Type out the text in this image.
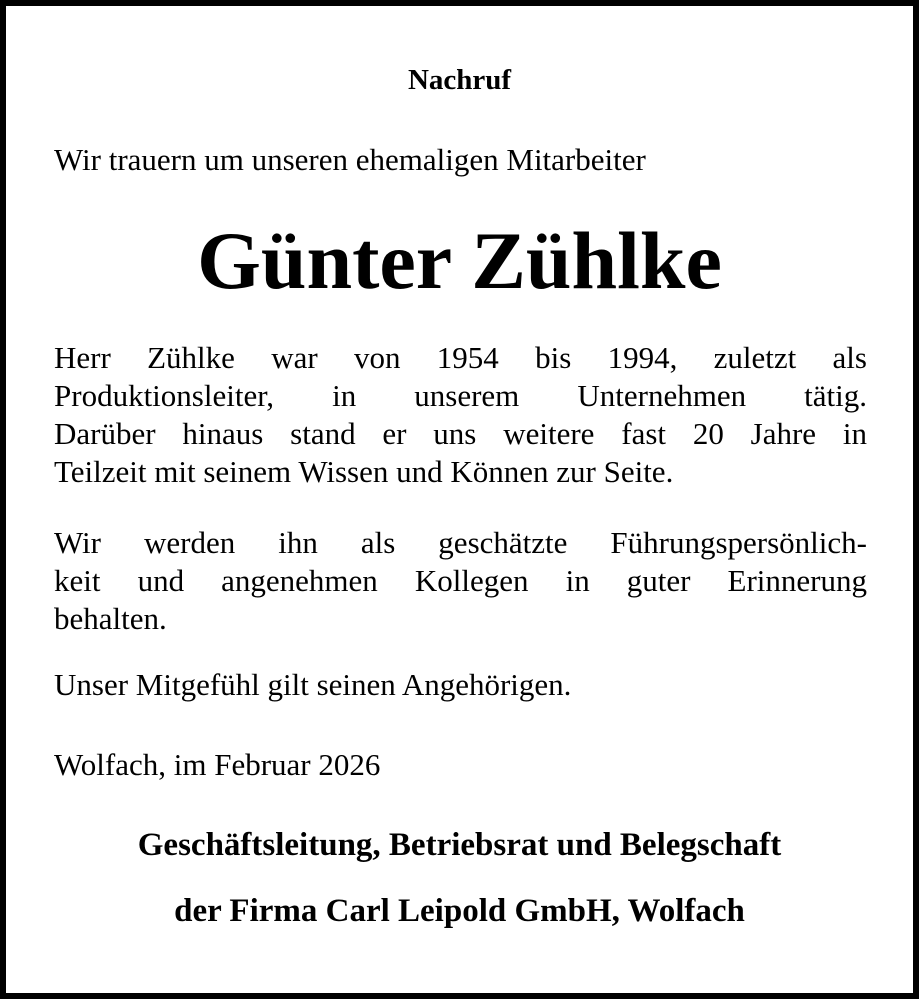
Nachruf
Wir trauern um unseren ehemaligen Mitarbeiter
Günter Zühlke
Herr Zühlke war von 1954 bis 1994, zuletzt als
Produktionsleiter, in unserem Unternehmen tätig.
Darüber hinaus stand er uns weitere fast 20 Jahre in
Teilzeit mit seinem Wissen und Können zur Seite.
Wir werden ihn als geschätzte Führungspersönlich-
keit und angenehmen Kollegen in guter Erinnerung
behalten.
Unser Mitgefühl gilt seinen Angehörigen.
Wolfach, im Februar 2026
Geschäftsleitung, Betriebsrat und Belegschaft
der Firma Carl Leipold GmbH, Wolfach
